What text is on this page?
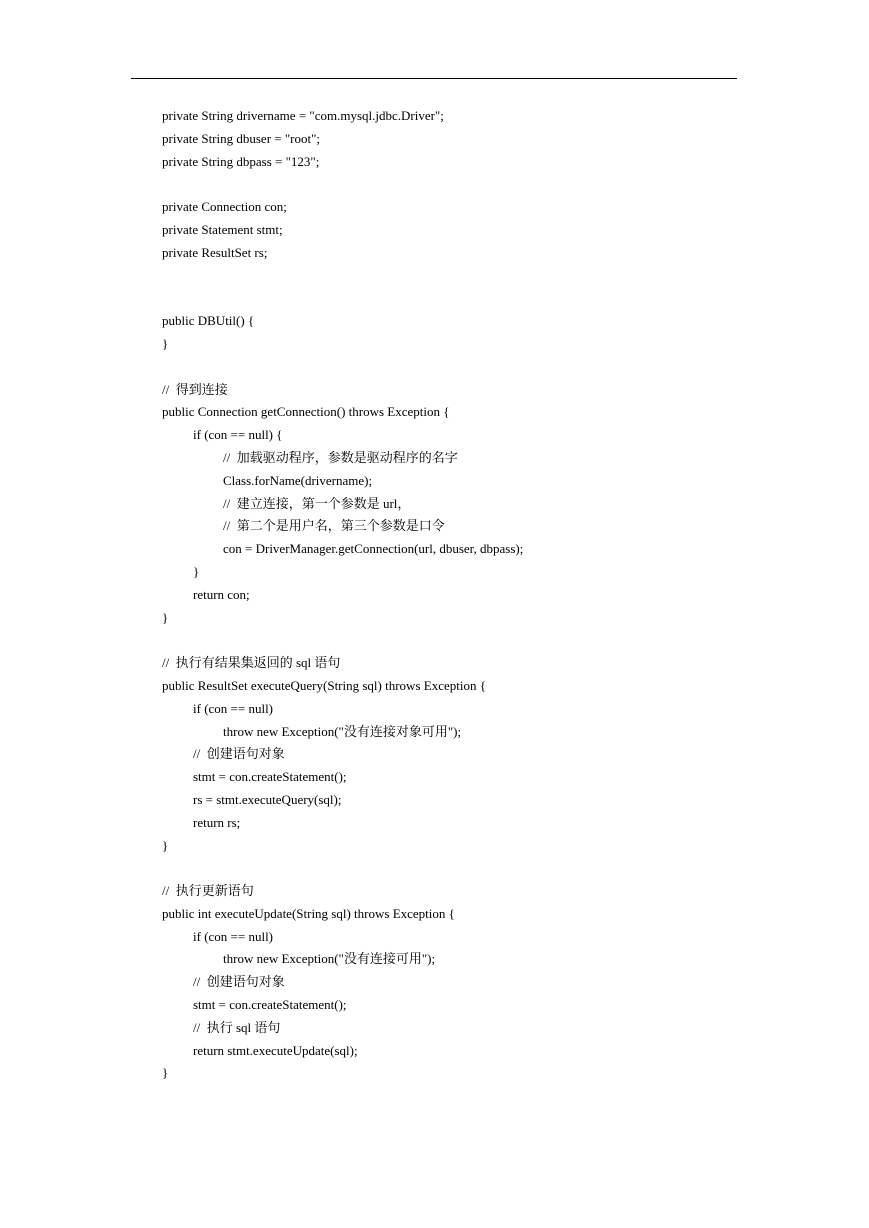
private String drivername = "com.mysql.jdbc.Driver";
private String dbuser = "root";
private String dbpass = "123";
private Connection con;
private Statement stmt;
private ResultSet rs;
public DBUtil() {
}
//  得到连接
public Connection getConnection() throws Exception {
if (con == null) {
//  加载驱动程序，参数是驱动程序的名字
Class.forName(drivername);
//  建立连接，第一个参数是 url，
//  第二个是用户名，第三个参数是口令
con = DriverManager.getConnection(url, dbuser, dbpass);
}
return con;
}
//  执行有结果集返回的 sql 语句
public ResultSet executeQuery(String sql) throws Exception {
if (con == null)
throw new Exception("没有连接对象可用");
//  创建语句对象
stmt = con.createStatement();
rs = stmt.executeQuery(sql);
return rs;
}
//  执行更新语句
public int executeUpdate(String sql) throws Exception {
if (con == null)
throw new Exception("没有连接可用");
//  创建语句对象
stmt = con.createStatement();
//  执行 sql 语句
return stmt.executeUpdate(sql);
}
